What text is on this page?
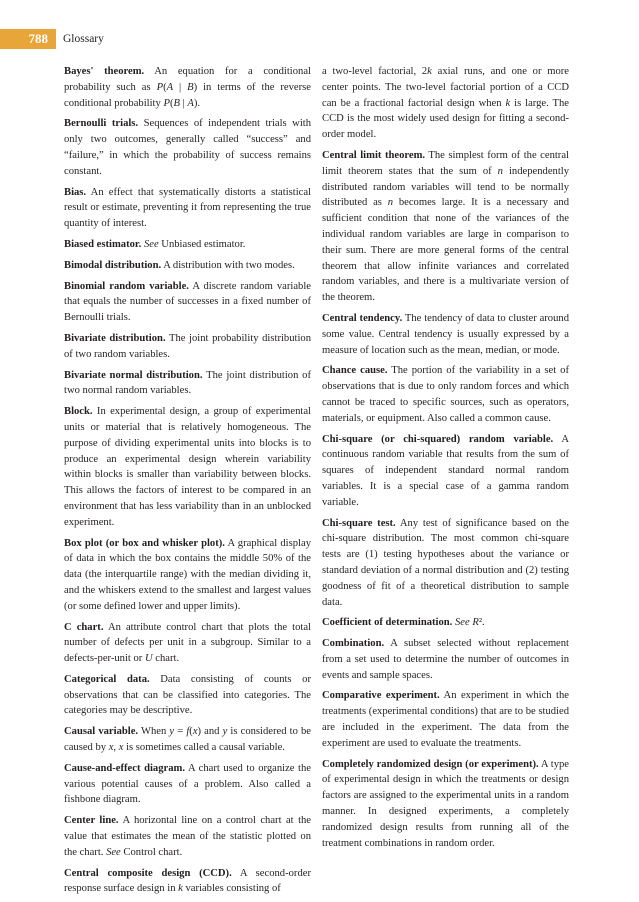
788	Glossary

Bayes' theorem. An equation for a conditional probability such as P(A | B) in terms of the reverse conditional probability P(B | A).

Bernoulli trials. Sequences of independent trials with only two outcomes, generally called “success” and “failure,” in which the probability of success remains constant.

Bias. An effect that systematically distorts a statistical result or estimate, preventing it from representing the true quantity of interest.

Biased estimator. See Unbiased estimator.

Bimodal distribution. A distribution with two modes.

Binomial random variable. A discrete random variable that equals the number of successes in a fixed number of Bernoulli trials.

Bivariate distribution. The joint probability distribution of two random variables.

Bivariate normal distribution. The joint distribution of two normal random variables.

Block. In experimental design, a group of experimental units or material that is relatively homogeneous. The purpose of dividing experimental units into blocks is to produce an experimental design wherein variability within blocks is smaller than variability between blocks. This allows the factors of interest to be compared in an environment that has less variability than in an unblocked experiment.

Box plot (or box and whisker plot). A graphical display of data in which the box contains the middle 50% of the data (the interquartile range) with the median dividing it, and the whiskers extend to the smallest and largest values (or some defined lower and upper limits).

C chart. An attribute control chart that plots the total number of defects per unit in a subgroup. Similar to a defects-per-unit or U chart.

Categorical data. Data consisting of counts or observations that can be classified into categories. The categories may be descriptive.

Causal variable. When y = f(x) and y is considered to be caused by x, x is sometimes called a causal variable.

Cause-and-effect diagram. A chart used to organize the various potential causes of a problem. Also called a fishbone diagram.

Center line. A horizontal line on a control chart at the value that estimates the mean of the statistic plotted on the chart. See Control chart.

Central composite design (CCD). A second-order response surface design in k variables consisting of

a two-level factorial, 2k axial runs, and one or more center points. The two-level factorial portion of a CCD can be a fractional factorial design when k is large. The CCD is the most widely used design for fitting a second-order model.

Central limit theorem. The simplest form of the central limit theorem states that the sum of n independently distributed random variables will tend to be normally distributed as n becomes large. It is a necessary and sufficient condition that none of the variances of the individual random variables are large in comparison to their sum. There are more general forms of the central theorem that allow infinite variances and correlated random variables, and there is a multivariate version of the theorem.

Central tendency. The tendency of data to cluster around some value. Central tendency is usually expressed by a measure of location such as the mean, median, or mode.

Chance cause. The portion of the variability in a set of observations that is due to only random forces and which cannot be traced to specific sources, such as operators, materials, or equipment. Also called a common cause.

Chi-square (or chi-squared) random variable. A continuous random variable that results from the sum of squares of independent standard normal random variables. It is a special case of a gamma random variable.

Chi-square test. Any test of significance based on the chi-square distribution. The most common chi-square tests are (1) testing hypotheses about the variance or standard deviation of a normal distribution and (2) testing goodness of fit of a theoretical distribution to sample data.

Coefficient of determination. See R².

Combination. A subset selected without replacement from a set used to determine the number of outcomes in events and sample spaces.

Comparative experiment. An experiment in which the treatments (experimental conditions) that are to be studied are included in the experiment. The data from the experiment are used to evaluate the treatments.

Completely randomized design (or experiment). A type of experimental design in which the treatments or design factors are assigned to the experimental units in a random manner. In designed experiments, a completely randomized design results from running all of the treatment combinations in random order.
